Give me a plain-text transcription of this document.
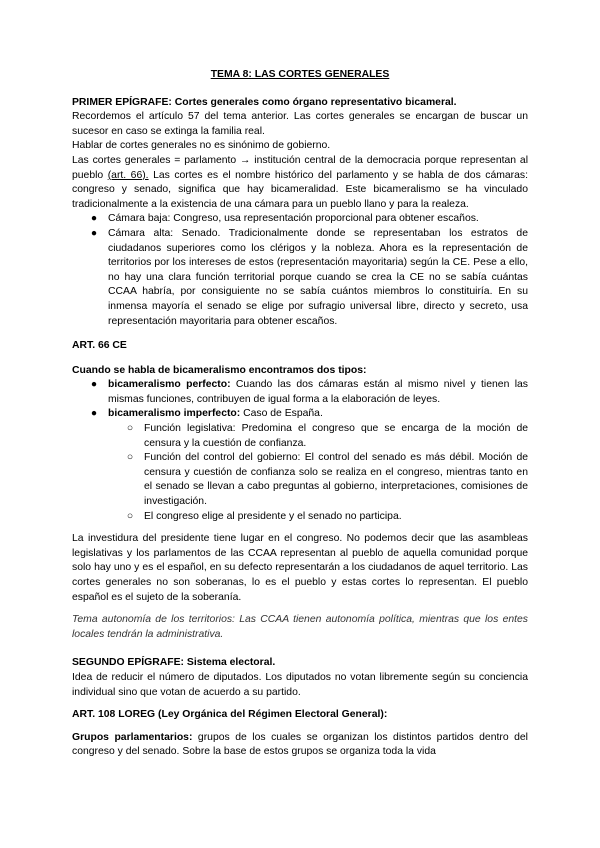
TEMA 8: LAS CORTES GENERALES

PRIMER EPÍGRAFE: Cortes generales como órgano representativo bicameral.

Recordemos el artículo 57 del tema anterior. Las cortes generales se encargan de buscar un sucesor en caso se extinga la familia real.

Hablar de cortes generales no es sinónimo de gobierno.

Las cortes generales = parlamento → institución central de la democracia porque representan al pueblo (art. 66). Las cortes es el nombre histórico del parlamento y se habla de dos cámaras: congreso y senado, significa que hay bicameralidad. Este bicameralismo se ha vinculado tradicionalmente a la existencia de una cámara para un pueblo llano y para la realeza.

● Cámara baja: Congreso, usa representación proporcional para obtener escaños.
● Cámara alta: Senado. Tradicionalmente donde se representaban los estratos de ciudadanos superiores como los clérigos y la nobleza. Ahora es la representación de territorios por los intereses de estos (representación mayoritaria) según la CE. Pese a ello, no hay una clara función territorial porque cuando se crea la CE no se sabía cuántas CCAA habría, por consiguiente no se sabía cuántos miembros lo constituiría. En su inmensa mayoría el senado se elige por sufragio universal libre, directo y secreto, usa representación mayoritaria para obtener escaños.

ART. 66 CE

Cuando se habla de bicameralismo encontramos dos tipos:

● bicameralismo perfecto: Cuando las dos cámaras están al mismo nivel y tienen las mismas funciones, contribuyen de igual forma a la elaboración de leyes.
● bicameralismo imperfecto: Caso de España.
○ Función legislativa: Predomina el congreso que se encarga de la moción de censura y la cuestión de confianza.
○ Función del control del gobierno: El control del senado es más débil. Moción de censura y cuestión de confianza solo se realiza en el congreso, mientras tanto en el senado se llevan a cabo preguntas al gobierno, interpretaciones, comisiones de investigación.
○ El congreso elige al presidente y el senado no participa.

La investidura del presidente tiene lugar en el congreso. No podemos decir que las asambleas legislativas y los parlamentos de las CCAA representan al pueblo de aquella comunidad porque solo hay uno y es el español, en su defecto representarán a los ciudadanos de aquel territorio. Las cortes generales no son soberanas, lo es el pueblo y estas cortes lo representan. El pueblo español es el sujeto de la soberanía.

Tema autonomía de los territorios: Las CCAA tienen autonomía política, mientras que los entes locales tendrán la administrativa.

SEGUNDO EPÍGRAFE: Sistema electoral.

Idea de reducir el número de diputados. Los diputados no votan libremente según su conciencia individual sino que votan de acuerdo a su partido.

ART. 108 LOREG (Ley Orgánica del Régimen Electoral General):

Grupos parlamentarios: grupos de los cuales se organizan los distintos partidos dentro del congreso y del senado. Sobre la base de estos grupos se organiza toda la vida
